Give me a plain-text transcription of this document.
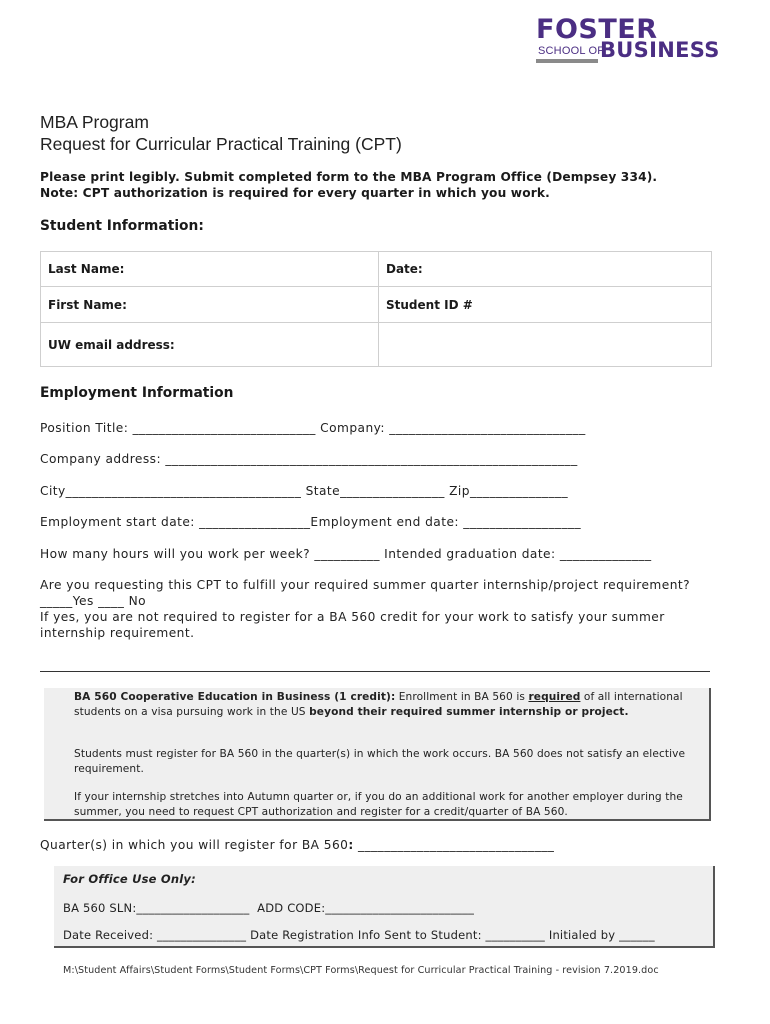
FOSTER
SCHOOL OF
BUSINESS
MBA Program
Request for Curricular Practical Training (CPT)
Please print legibly. Submit completed form to the MBA Program Office (Dempsey 334).
Note: CPT authorization is required for every quarter in which you work.
Student Information:
Last Name:	Date:
First Name:	Student ID #
UW email address:
Employment Information
Position Title: ____________________________ Company: ______________________________
Company address: _______________________________________________________________
City____________________________________ State________________ Zip_______________
Employment start date: _________________Employment end date: __________________
How many hours will you work per week? __________ Intended graduation date: ______________
Are you requesting this CPT to fulfill your required summer quarter internship/project requirement?
_____Yes ____ No
If yes, you are not required to register for a BA 560 credit for your work to satisfy your summer
internship requirement.

BA 560 Cooperative Education in Business (1 credit): Enrollment in BA 560 is required of all international students on a visa pursuing work in the US beyond their required summer internship or project.

Students must register for BA 560 in the quarter(s) in which the work occurs. BA 560 does not satisfy an elective requirement.

If your internship stretches into Autumn quarter or, if you do an additional work for another employer during the summer, you need to request CPT authorization and register for a credit/quarter of BA 560.

Quarter(s) in which you will register for BA 560: ______________________________
For Office Use Only:
BA 560 SLN:___________________  ADD CODE:_________________________
Date Received: _______________ Date Registration Info Sent to Student: __________ Initialed by ______
M:\Student Affairs\Student Forms\Student Forms\CPT Forms\Request for Curricular Practical Training - revision 7.2019.doc
